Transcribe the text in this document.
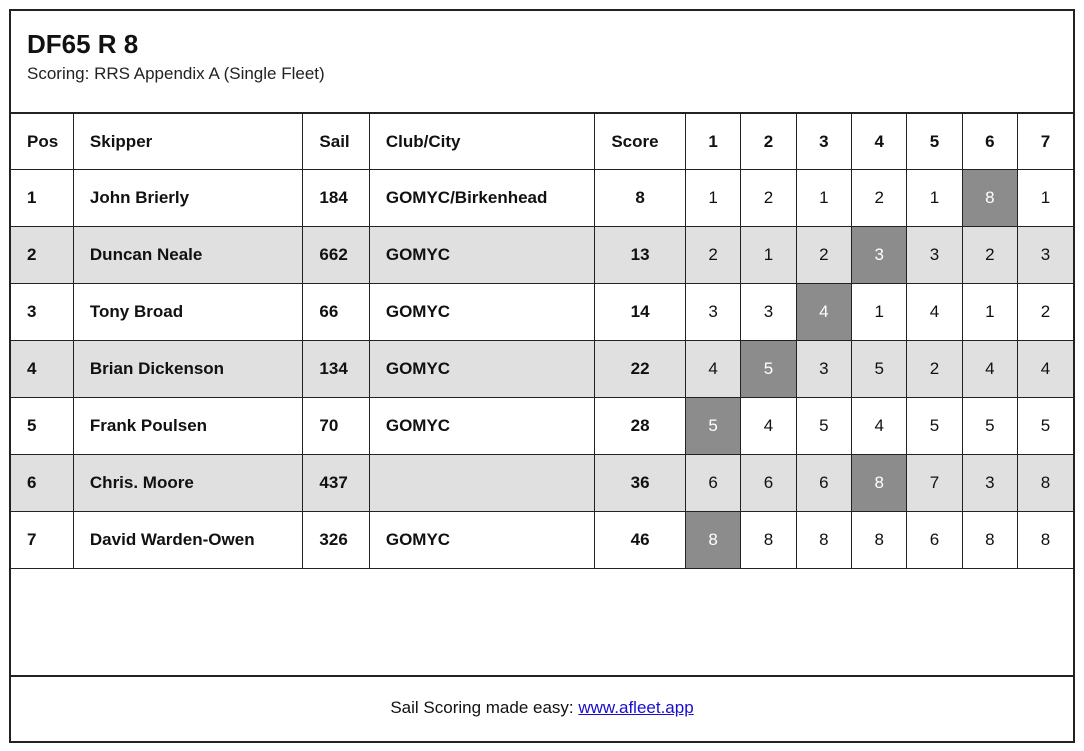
DF65 R 8
Scoring: RRS Appendix A (Single Fleet)
Pos	Skipper	Sail	Club/City	Score	1	2	3	4	5	6	7
1	John Brierly	184	GOMYC/Birkenhead	8	1	2	1	2	1	8	1
2	Duncan Neale	662	GOMYC	13	2	1	2	3	3	2	3
3	Tony Broad	66	GOMYC	14	3	3	4	1	4	1	2
4	Brian Dickenson	134	GOMYC	22	4	5	3	5	2	4	4
5	Frank Poulsen	70	GOMYC	28	5	4	5	4	5	5	5
6	Chris. Moore	437		36	6	6	6	8	7	3	8
7	David Warden-Owen	326	GOMYC	46	8	8	8	8	6	8	8
Sail Scoring made easy: www.afleet.app
